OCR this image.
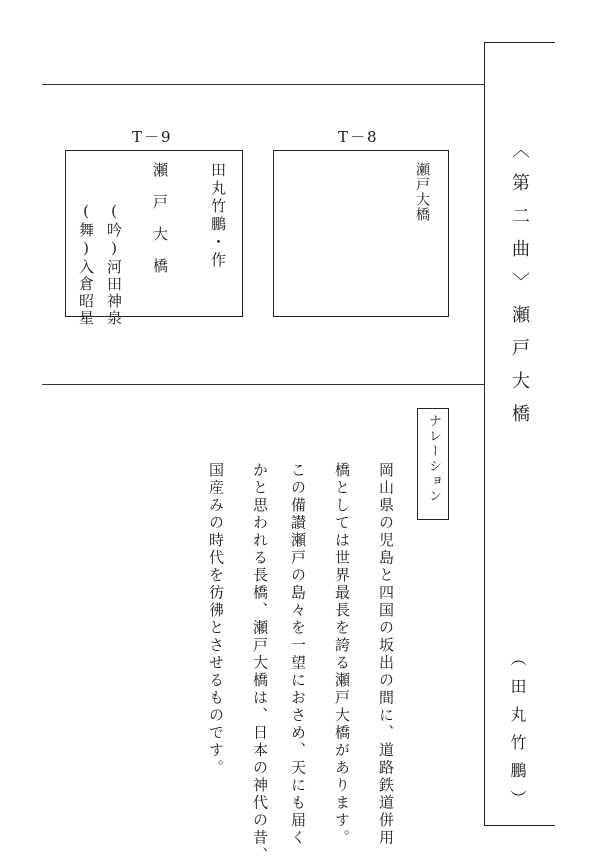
〈第二曲〉瀬戸大橋
（田丸竹鵬）
T－9
瀬戸大橋	田丸竹鵬・作
(吟)河田神泉
(舞)入倉昭星
T－8
瀬戸大橋
ナレーション
岡山県の児島と四国の坂出の間に、道路鉄道併用
橋としては世界最長を誇る瀬戸大橋があります。
この備讃瀬戸の島々を一望におさめ、天にも届く
かと思われる長橋、瀬戸大橋は、日本の神代の昔、
国産みの時代を彷彿とさせるものです。
